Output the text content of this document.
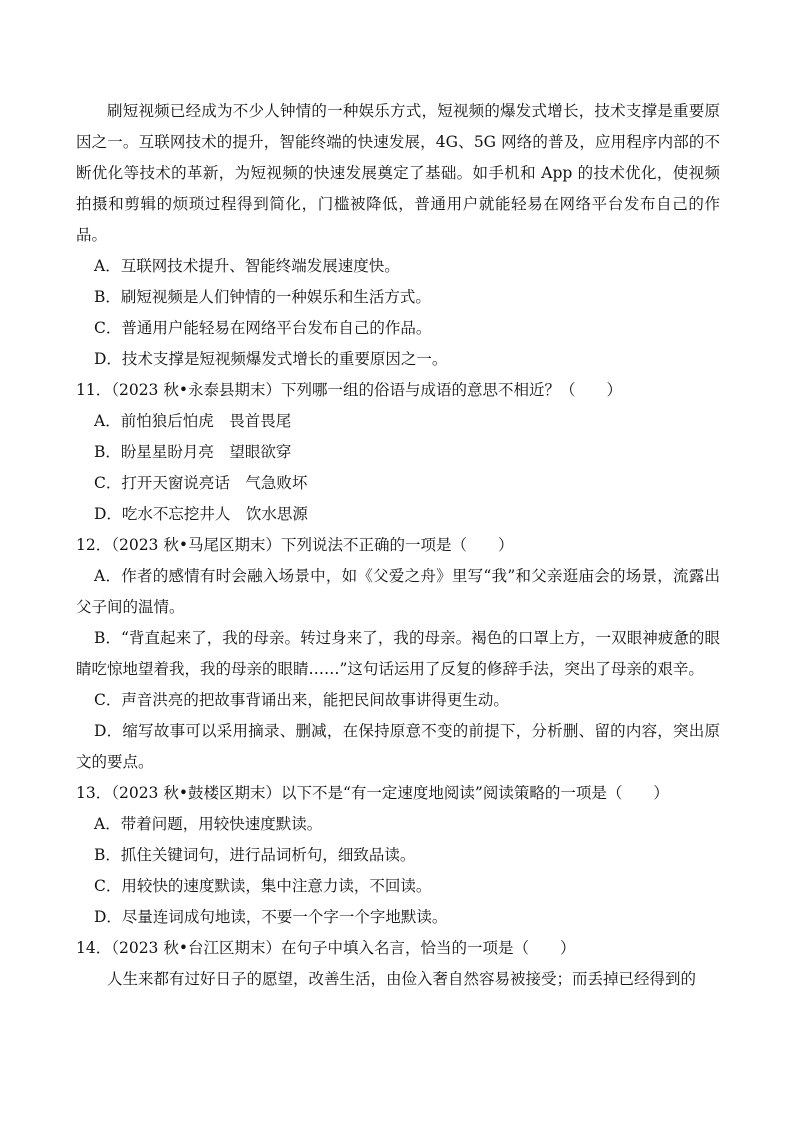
刷短视频已经成为不少人钟情的一种娱乐方式，短视频的爆发式增长，技术支撑是重要原因之一。互联网技术的提升，智能终端的快速发展，4G、5G 网络的普及，应用程序内部的不断优化等技术的革新，为短视频的快速发展奠定了基础。如手机和 App 的技术优化，使视频拍摄和剪辑的烦琐过程得到简化，门槛被降低，普通用户就能轻易在网络平台发布自己的作品。

A．互联网技术提升、智能终端发展速度快。

B．刷短视频是人们钟情的一种娱乐和生活方式。

C．普通用户能轻易在网络平台发布自己的作品。

D．技术支撑是短视频爆发式增长的重要原因之一。

11．（2023 秋•永泰县期末）下列哪一组的俗语与成语的意思不相近？（　　）

A．前怕狼后怕虎　畏首畏尾

B．盼星星盼月亮　望眼欲穿

C．打开天窗说亮话　气急败坏

D．吃水不忘挖井人　饮水思源

12．（2023 秋•马尾区期末）下列说法不正确的一项是（　　）

A．作者的感情有时会融入场景中，如《父爱之舟》里写“我”和父亲逛庙会的场景，流露出父子间的温情。

B．“背直起来了，我的母亲。转过身来了，我的母亲。褐色的口罩上方，一双眼神疲惫的眼睛吃惊地望着我，我的母亲的眼睛……”这句话运用了反复的修辞手法，突出了母亲的艰辛。

C．声音洪亮的把故事背诵出来，能把民间故事讲得更生动。

D．缩写故事可以采用摘录、删减，在保持原意不变的前提下，分析删、留的内容，突出原文的要点。

13．（2023 秋•鼓楼区期末）以下不是“有一定速度地阅读”阅读策略的一项是（　　）

A．带着问题，用较快速度默读。

B．抓住关键词句，进行品词析句，细致品读。

C．用较快的速度默读，集中注意力读，不回读。

D．尽量连词成句地读，不要一个字一个字地默读。

14．（2023 秋•台江区期末）在句子中填入名言，恰当的一项是（　　）

人生来都有过好日子的愿望，改善生活，由俭入奢自然容易被接受；而丢掉已经得到的
